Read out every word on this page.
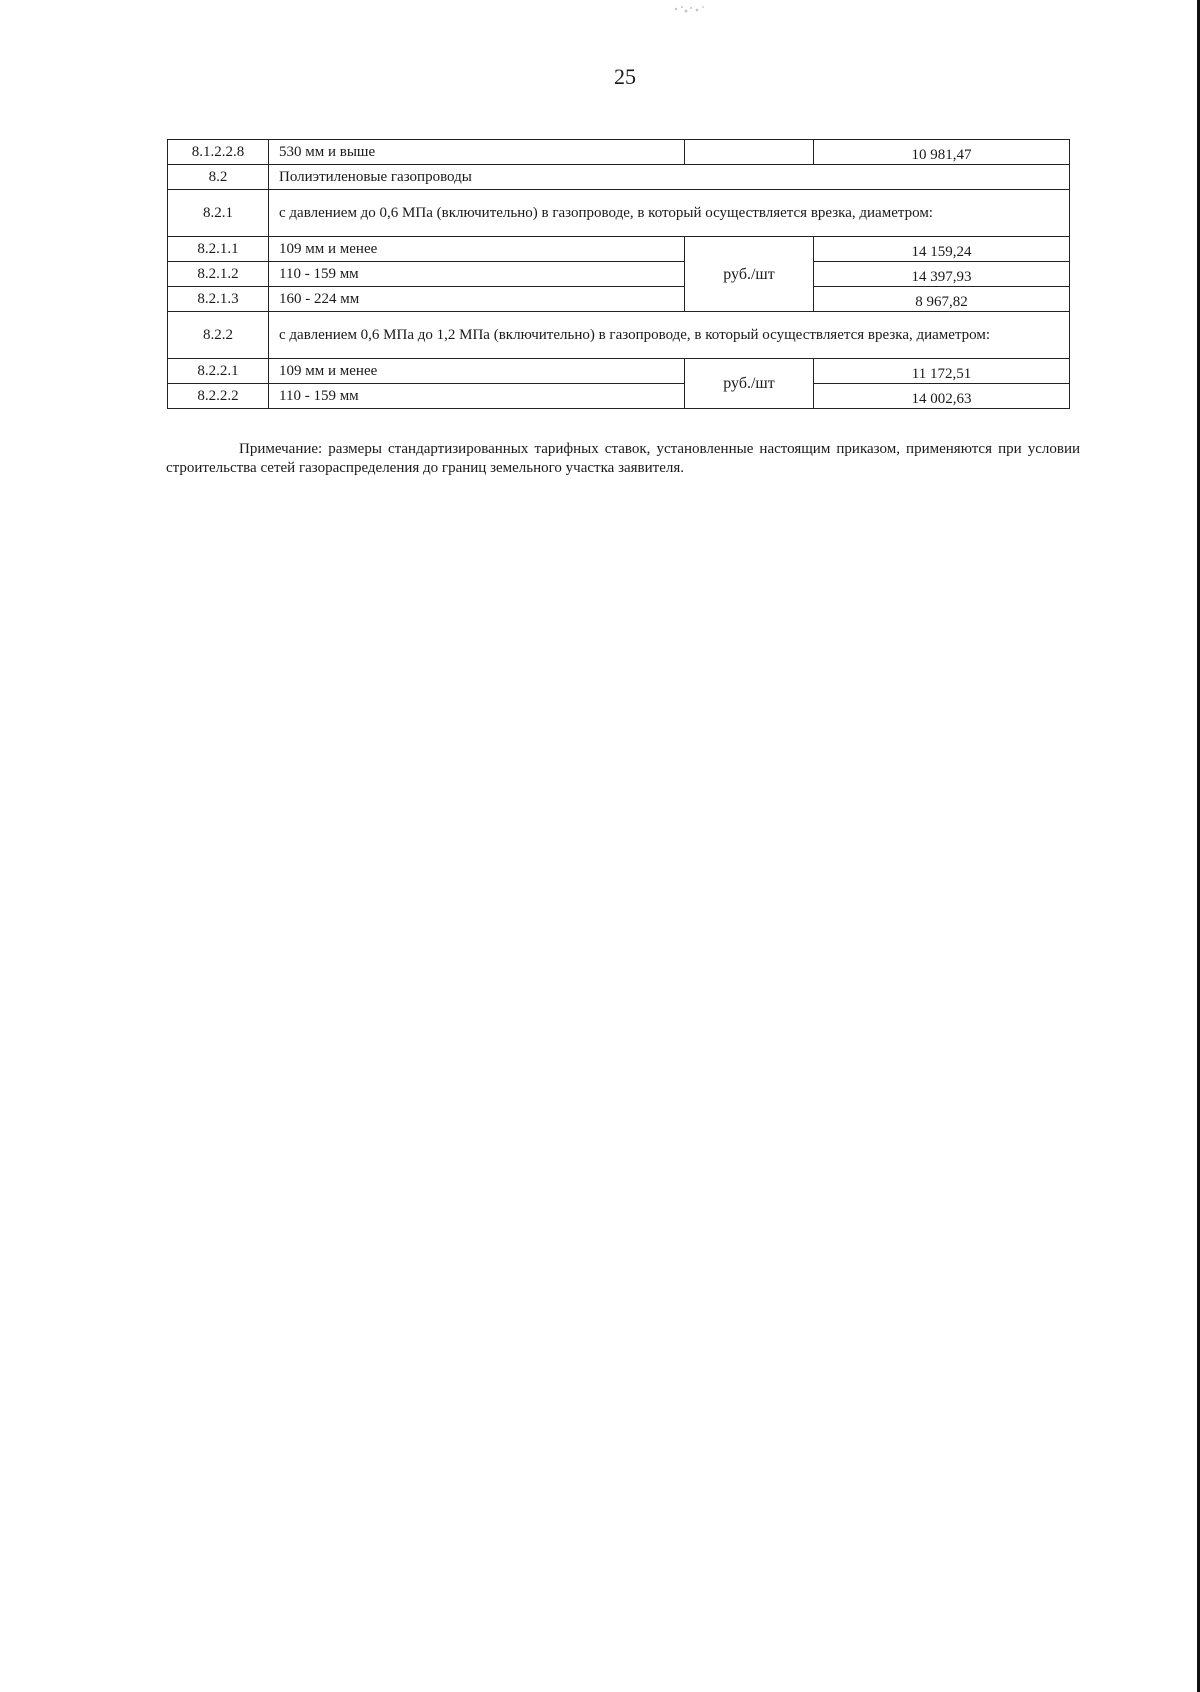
25
8.1.2.2.8	530 мм и выше		10 981,47
8.2	Полиэтиленовые газопроводы		
8.2.1	с давлением до 0,6 МПа (включительно) в газопроводе, в который осуществляется врезка, диаметром:		
8.2.1.1	109 мм и менее	руб./шт	14 159,24
8.2.1.2	110 - 159 мм		14 397,93
8.2.1.3	160 - 224 мм		8 967,82
8.2.2	с давлением 0,6 МПа до 1,2 МПа (включительно) в газопроводе, в который осуществляется врезка, диаметром:		
8.2.2.1	109 мм и менее	руб./шт	11 172,51
8.2.2.2	110 - 159 мм		14 002,63

Примечание: размеры стандартизированных тарифных ставок, установленные настоящим приказом, применяются при условии строительства сетей газораспределения до границ земельного участка заявителя.
